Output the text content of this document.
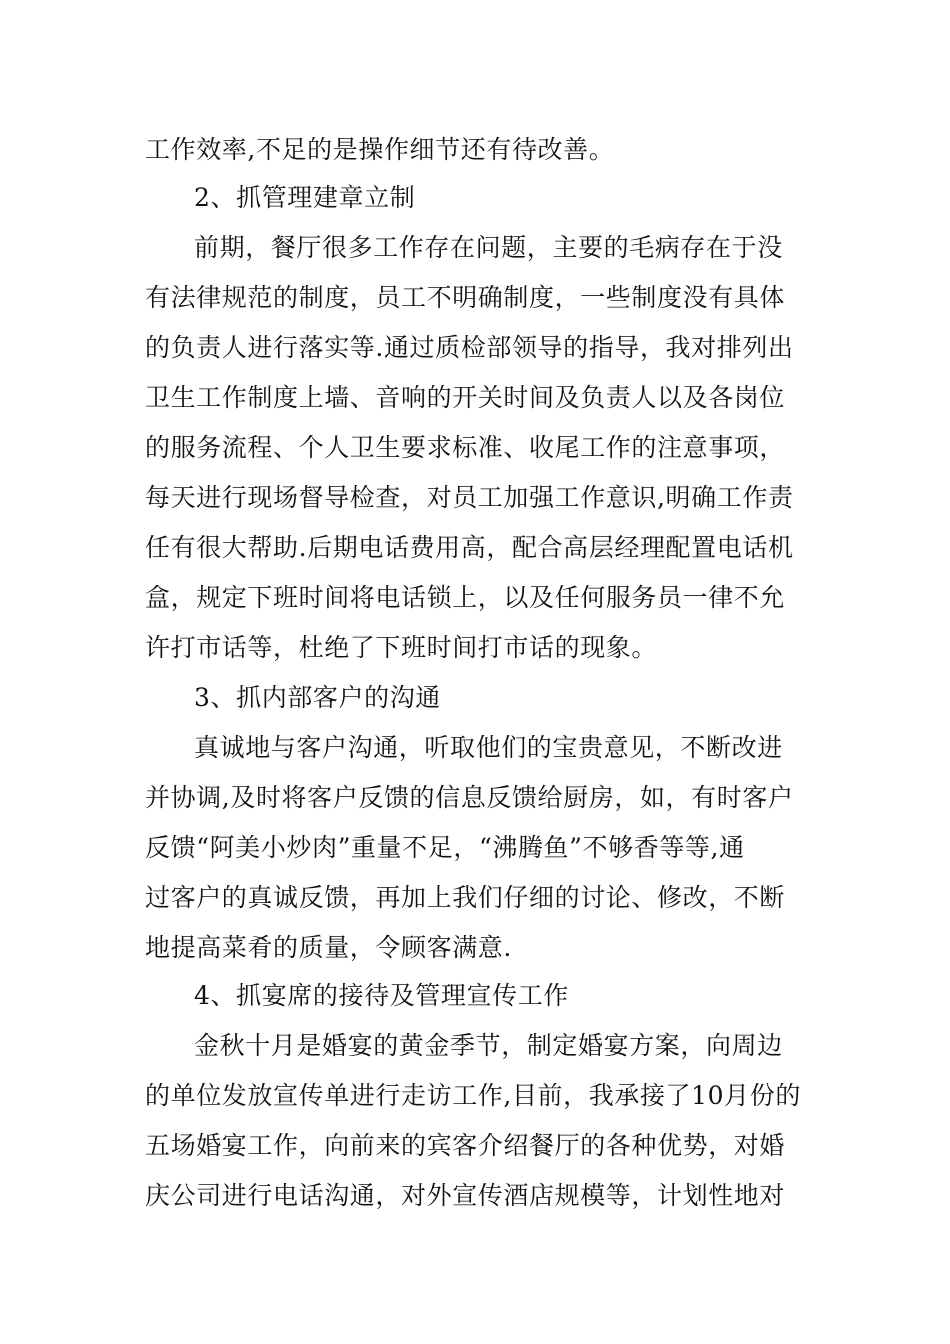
工作效率,不足的是操作细节还有待改善。
2、抓管理建章立制
前期，餐厅很多工作存在问题，主要的毛病存在于没
有法律规范的制度，员工不明确制度，一些制度没有具体
的负责人进行落实等.通过质检部领导的指导，我对排列出
卫生工作制度上墙、音响的开关时间及负责人以及各岗位
的服务流程、个人卫生要求标准、收尾工作的注意事项，
每天进行现场督导检查，对员工加强工作意识,明确工作责
任有很大帮助.后期电话费用高，配合高层经理配置电话机
盒，规定下班时间将电话锁上，以及任何服务员一律不允
许打市话等，杜绝了下班时间打市话的现象。
3、抓内部客户的沟通
真诚地与客户沟通，听取他们的宝贵意见，不断改进
并协调,及时将客户反馈的信息反馈给厨房，如，有时客户
反馈“阿美小炒肉”重量不足，“沸腾鱼”不够香等等,通
过客户的真诚反馈，再加上我们仔细的讨论、修改，不断
地提高菜肴的质量，令顾客满意.
4、抓宴席的接待及管理宣传工作
金秋十月是婚宴的黄金季节，制定婚宴方案，向周边
的单位发放宣传单进行走访工作,目前，我承接了10月份的
五场婚宴工作，向前来的宾客介绍餐厅的各种优势，对婚
庆公司进行电话沟通，对外宣传酒店规模等，计划性地对
